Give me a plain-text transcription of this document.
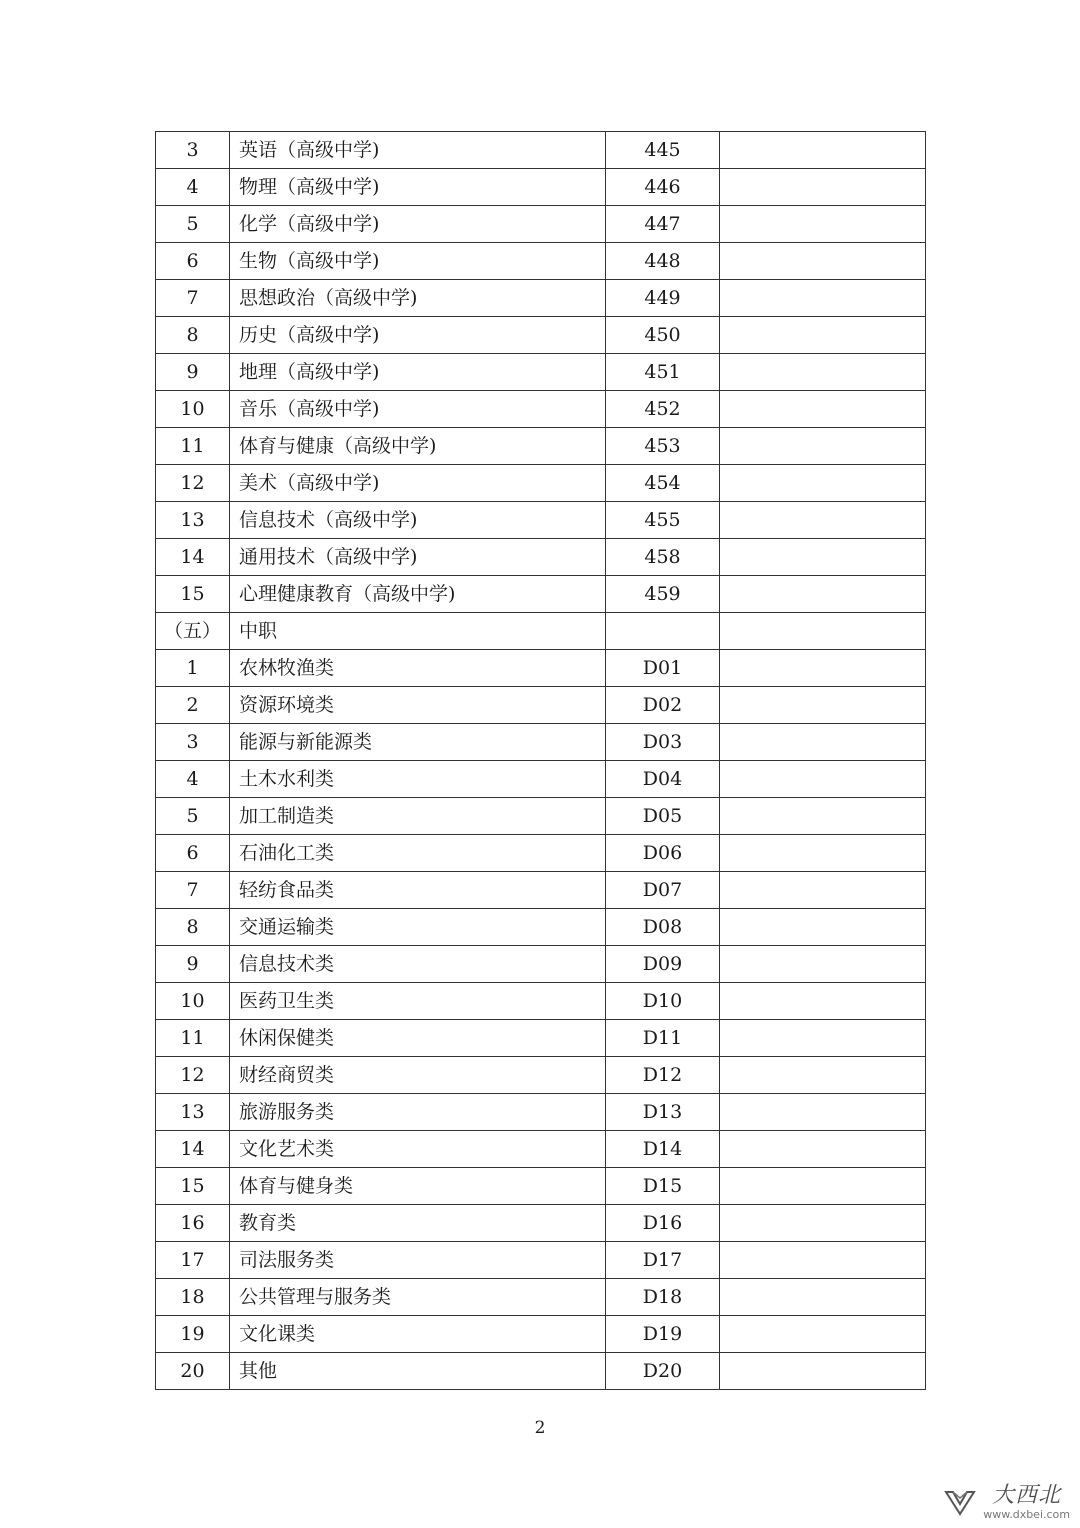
3	英语（高级中学)	445	
4	物理（高级中学)	446	
5	化学（高级中学)	447	
6	生物（高级中学)	448	
7	思想政治（高级中学)	449	
8	历史（高级中学)	450	
9	地理（高级中学)	451	
10	音乐（高级中学)	452	
11	体育与健康（高级中学)	453	
12	美术（高级中学)	454	
13	信息技术（高级中学)	455	
14	通用技术（高级中学)	458	
15	心理健康教育（高级中学)	459	
（五）	中职		
1	农林牧渔类	D01	
2	资源环境类	D02	
3	能源与新能源类	D03	
4	土木水利类	D04	
5	加工制造类	D05	
6	石油化工类	D06	
7	轻纺食品类	D07	
8	交通运输类	D08	
9	信息技术类	D09	
10	医药卫生类	D10	
11	休闲保健类	D11	
12	财经商贸类	D12	
13	旅游服务类	D13	
14	文化艺术类	D14	
15	体育与健身类	D15	
16	教育类	D16	
17	司法服务类	D17	
18	公共管理与服务类	D18	
19	文化课类	D19	
20	其他	D20	
2
大西北
www.dxbei.com
